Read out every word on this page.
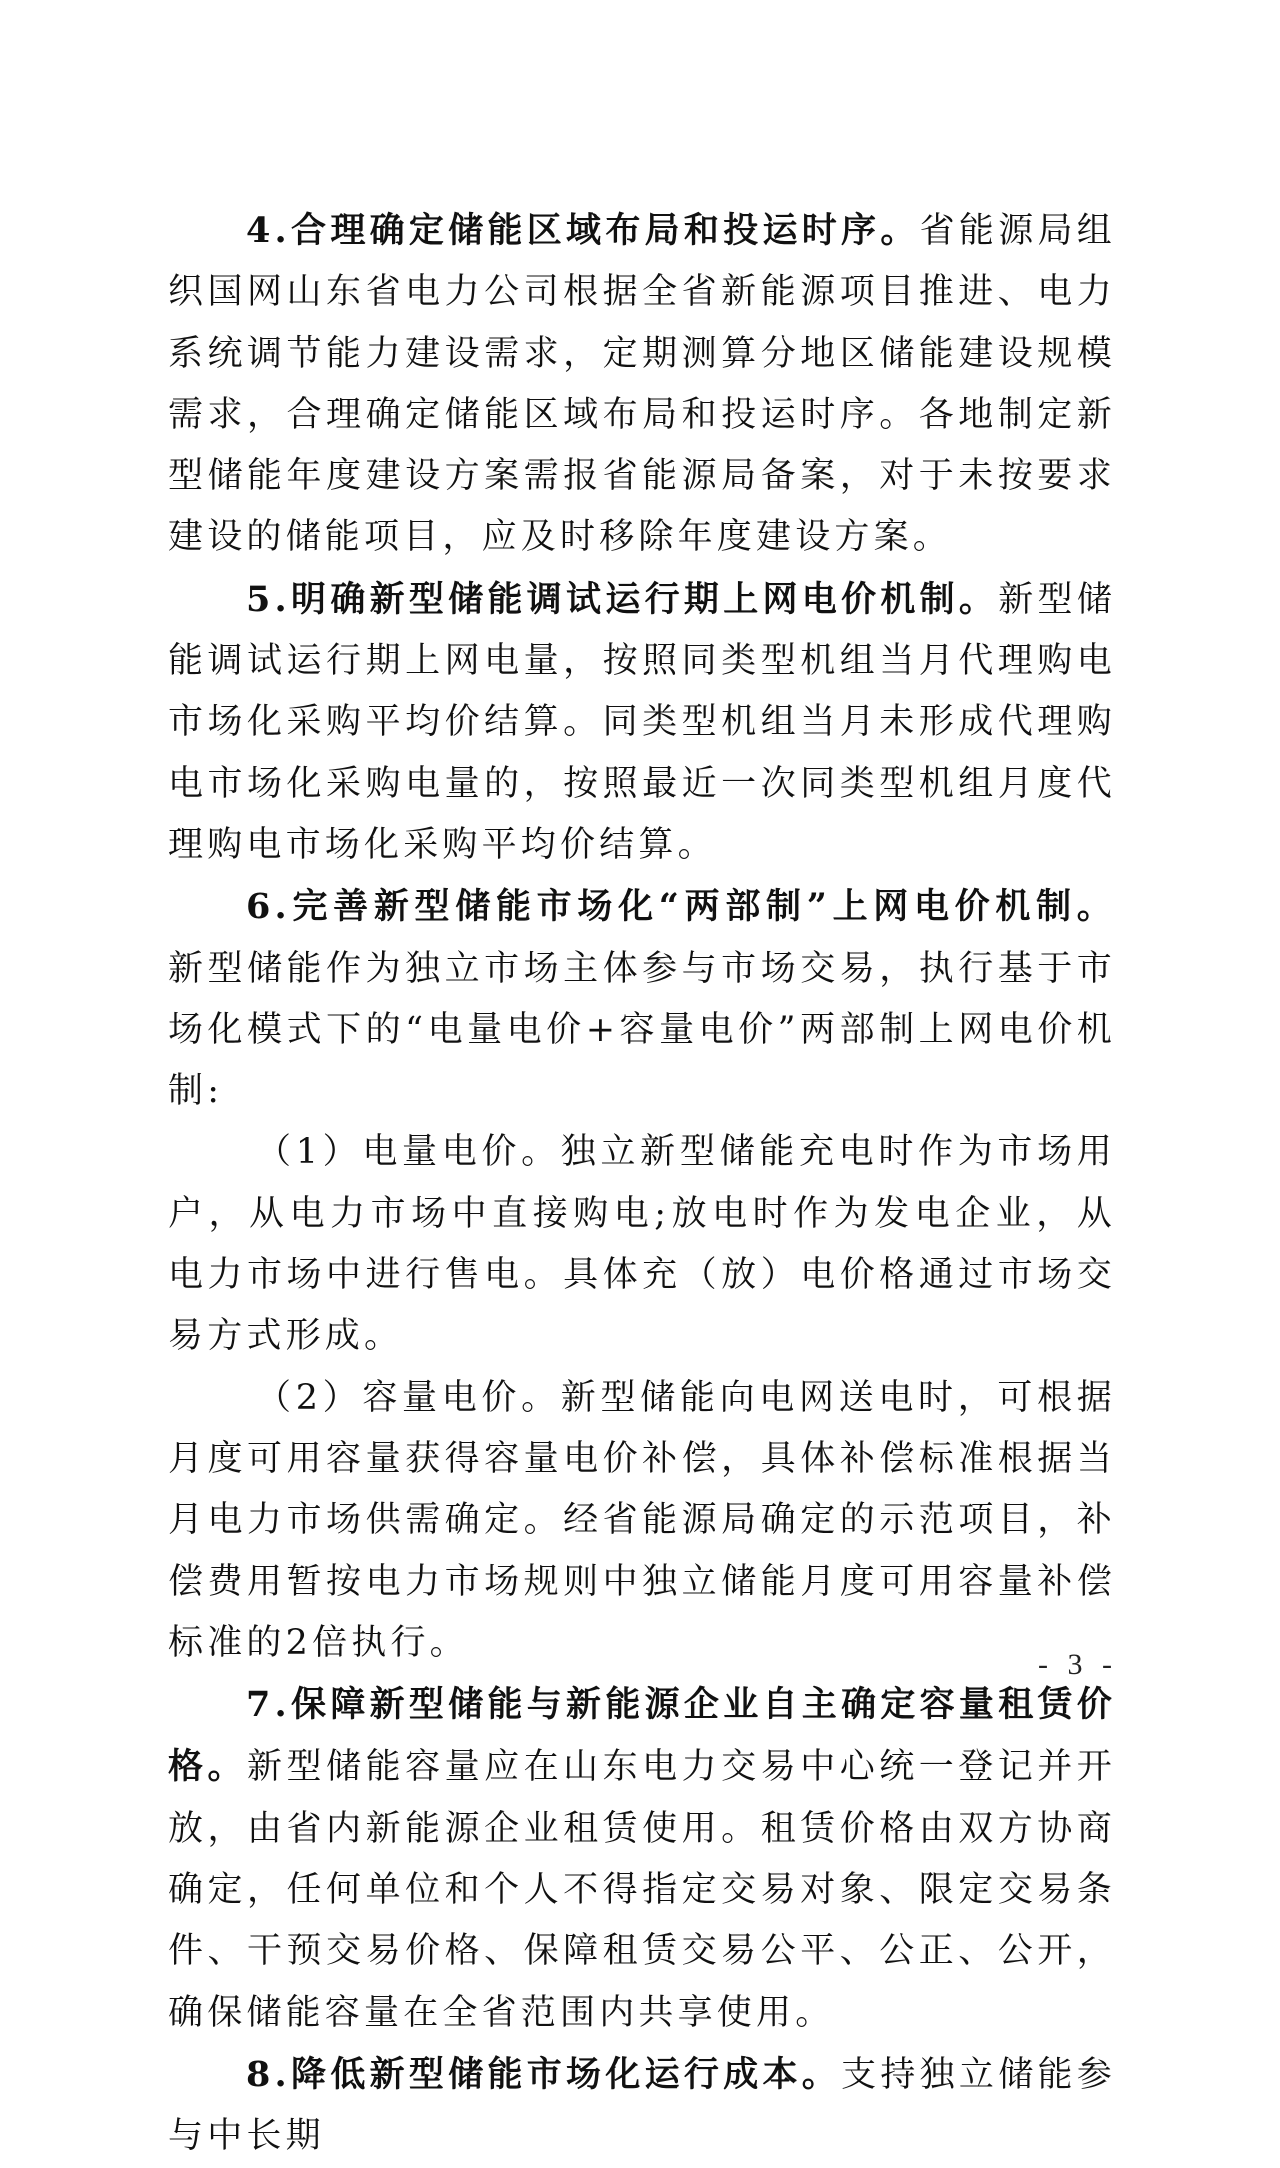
4.合理确定储能区域布局和投运时序。省能源局组织国网山东省电力公司根据全省新能源项目推进、电力系统调节能力建设需求，定期测算分地区储能建设规模需求，合理确定储能区域布局和投运时序。各地制定新型储能年度建设方案需报省能源局备案，对于未按要求建设的储能项目，应及时移除年度建设方案。

5.明确新型储能调试运行期上网电价机制。新型储能调试运行期上网电量，按照同类型机组当月代理购电市场化采购平均价结算。同类型机组当月未形成代理购电市场化采购电量的，按照最近一次同类型机组月度代理购电市场化采购平均价结算。

6.完善新型储能市场化“两部制”上网电价机制。新型储能作为独立市场主体参与市场交易，执行基于市场化模式下的“电量电价+容量电价”两部制上网电价机制:

（1）电量电价。独立新型储能充电时作为市场用户，从电力市场中直接购电;放电时作为发电企业，从电力市场中进行售电。具体充（放）电价格通过市场交易方式形成。

（2）容量电价。新型储能向电网送电时，可根据月度可用容量获得容量电价补偿，具体补偿标准根据当月电力市场供需确定。经省能源局确定的示范项目，补偿费用暂按电力市场规则中独立储能月度可用容量补偿标准的2倍执行。

7.保障新型储能与新能源企业自主确定容量租赁价格。新型储能容量应在山东电力交易中心统一登记并开放，由省内新能源企业租赁使用。租赁价格由双方协商确定，任何单位和个人不得指定交易对象、限定交易条件、干预交易价格、保障租赁交易公平、公正、公开，确保储能容量在全省范围内共享使用。

8.降低新型储能市场化运行成本。支持独立储能参与中长期

- 3 -
